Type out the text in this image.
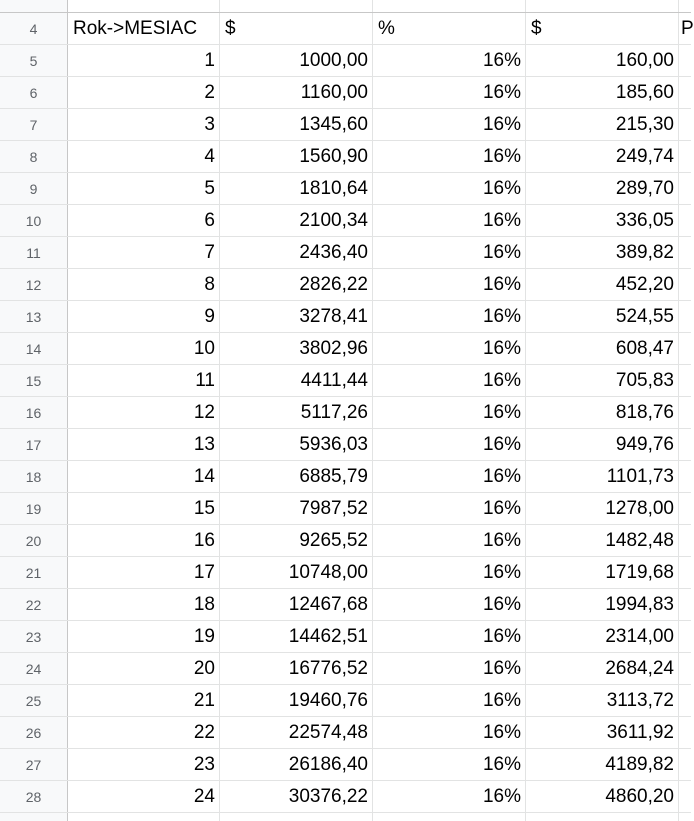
4	Rok->MESIAC	$	%	$	P
5	1	1000,00	16%	160,00
6	2	1160,00	16%	185,60
7	3	1345,60	16%	215,30
8	4	1560,90	16%	249,74
9	5	1810,64	16%	289,70
10	6	2100,34	16%	336,05
11	7	2436,40	16%	389,82
12	8	2826,22	16%	452,20
13	9	3278,41	16%	524,55
14	10	3802,96	16%	608,47
15	11	4411,44	16%	705,83
16	12	5117,26	16%	818,76
17	13	5936,03	16%	949,76
18	14	6885,79	16%	1101,73
19	15	7987,52	16%	1278,00
20	16	9265,52	16%	1482,48
21	17	10748,00	16%	1719,68
22	18	12467,68	16%	1994,83
23	19	14462,51	16%	2314,00
24	20	16776,52	16%	2684,24
25	21	19460,76	16%	3113,72
26	22	22574,48	16%	3611,92
27	23	26186,40	16%	4189,82
28	24	30376,22	16%	4860,20
